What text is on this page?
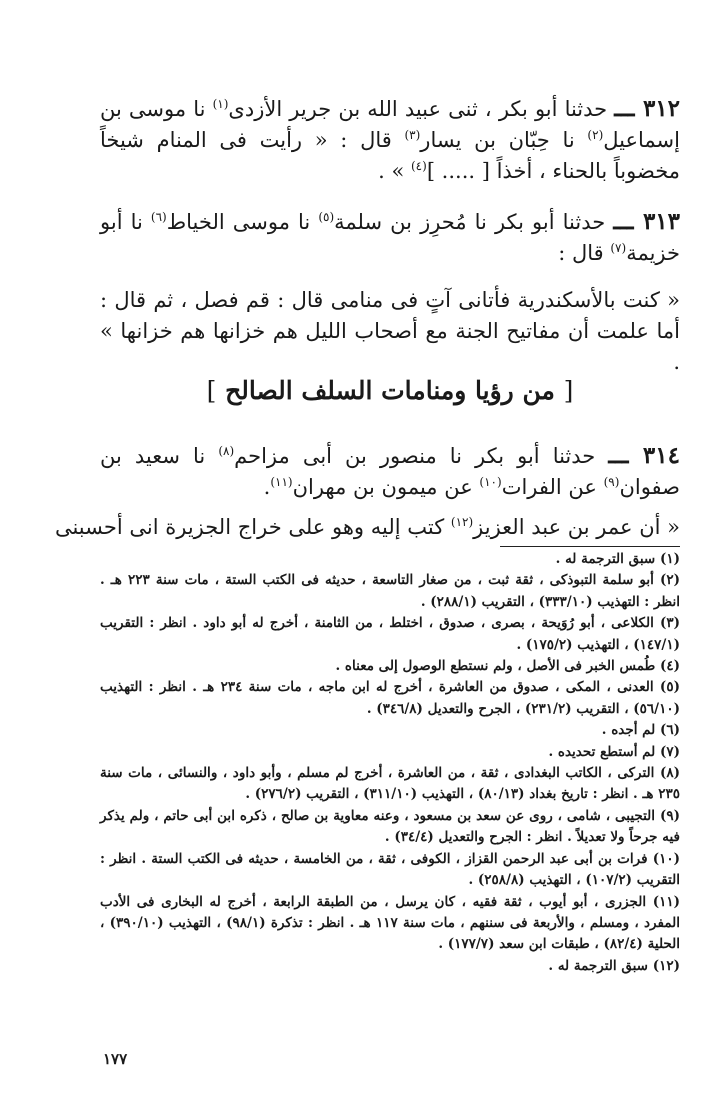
٣١٢ ـــ حدثنا أبو بكر ، ثنى عبيد الله بن جرير الأزدى$^{(١)}$ نا موسى بن إسماعيل$^{(٢)}$ نا حِبّان بن يسار$^{(٣)}$ قال : « رأيت فى المنام شيخاً مخضوباً بالحناء ، أخذاً [ ..... ]$^{(٤)}$ » .

٣١٣ ـــ حدثنا أبو بكر نا مُحرِز بن سلمة$^{(٥)}$ نا موسى الخياط$^{(٦)}$ نا أبو خزيمة$^{(٧)}$ قال :

« كنت بالأسكندرية فأتانى آتٍ فى منامى قال : قم فصل ، ثم قال : أما علمت أن مفاتيح الجنة مع أصحاب الليل هم خزانها هم خزانها » .

[ من رؤيا ومنامات السلف الصالح ]

٣١٤ ـــ حدثنا أبو بكر نا منصور بن أبى مزاحم$^{(٨)}$ نا سعيد بن صفوان$^{(٩)}$ عن الفرات$^{(١٠)}$ عن ميمون بن مهران$^{(١١)}$.

« أن عمر بن عبد العزيز$^{(١٢)}$ كتب إليه وهو على خراج الجزيرة انى أحسبنى

(١) سبق الترجمة له .

(٢) أبو سلمة التبوذكى ، ثقة ثبت ، من صغار التاسعة ، حديثه فى الكتب الستة ، مات سنة ٢٢٣ هـ . انظر : التهذيب (٣٣٣/١٠) ، التقريب (٢٨٨/١) .

(٣) الكلاعى ، أبو رُوَيحة ، بصرى ، صدوق ، اختلط ، من الثامنة ، أخرج له أبو داود . انظر : التقريب (١٤٧/١) ، التهذيب (١٧٥/٢) .

(٤) طُمس الخبر فى الأصل ، ولم نستطع الوصول إلى معناه .

(٥) العدنى ، المكى ، صدوق من العاشرة ، أخرج له ابن ماجه ، مات سنة ٢٣٤ هـ . انظر : التهذيب (٥٦/١٠) ، التقريب (٢٣١/٢) ، الجرح والتعديل (٣٤٦/٨) .

(٦) لم أجده .

(٧) لم أستطع تحديده .

(٨) التركى ، الكاتب البغدادى ، ثقة ، من العاشرة ، أخرج لم مسلم ، وأبو داود ، والنسائى ، مات سنة ٢٣٥ هـ . انظر : تاريخ بغداد (٨٠/١٣) ، التهذيب (٣١١/١٠) ، التقريب (٢٧٦/٢) .

(٩) التجيبى ، شامى ، روى عن سعد بن مسعود ، وعنه معاوية بن صالح ، ذكره ابن أبى حاتم ، ولم يذكر فيه جرحاً ولا تعديلاً . انظر : الجرح والتعديل (٣٤/٤) .

(١٠) فرات بن أبى عبد الرحمن القزاز ، الكوفى ، ثقة ، من الخامسة ، حديثه فى الكتب الستة . انظر : التقريب (١٠٧/٢) ، التهذيب (٢٥٨/٨) .

(١١) الجزرى ، أبو أيوب ، ثقة فقيه ، كان يرسل ، من الطبقة الرابعة ، أخرج له البخارى فى الأدب المفرد ، ومسلم ، والأربعة فى سننهم ، مات سنة ١١٧ هـ . انظر : تذكرة (٩٨/١) ، التهذيب (٣٩٠/١٠) ، الحلية (٨٢/٤) ، طبقات ابن سعد (١٧٧/٧) .

(١٢) سبق الترجمة له .

١٧٧
